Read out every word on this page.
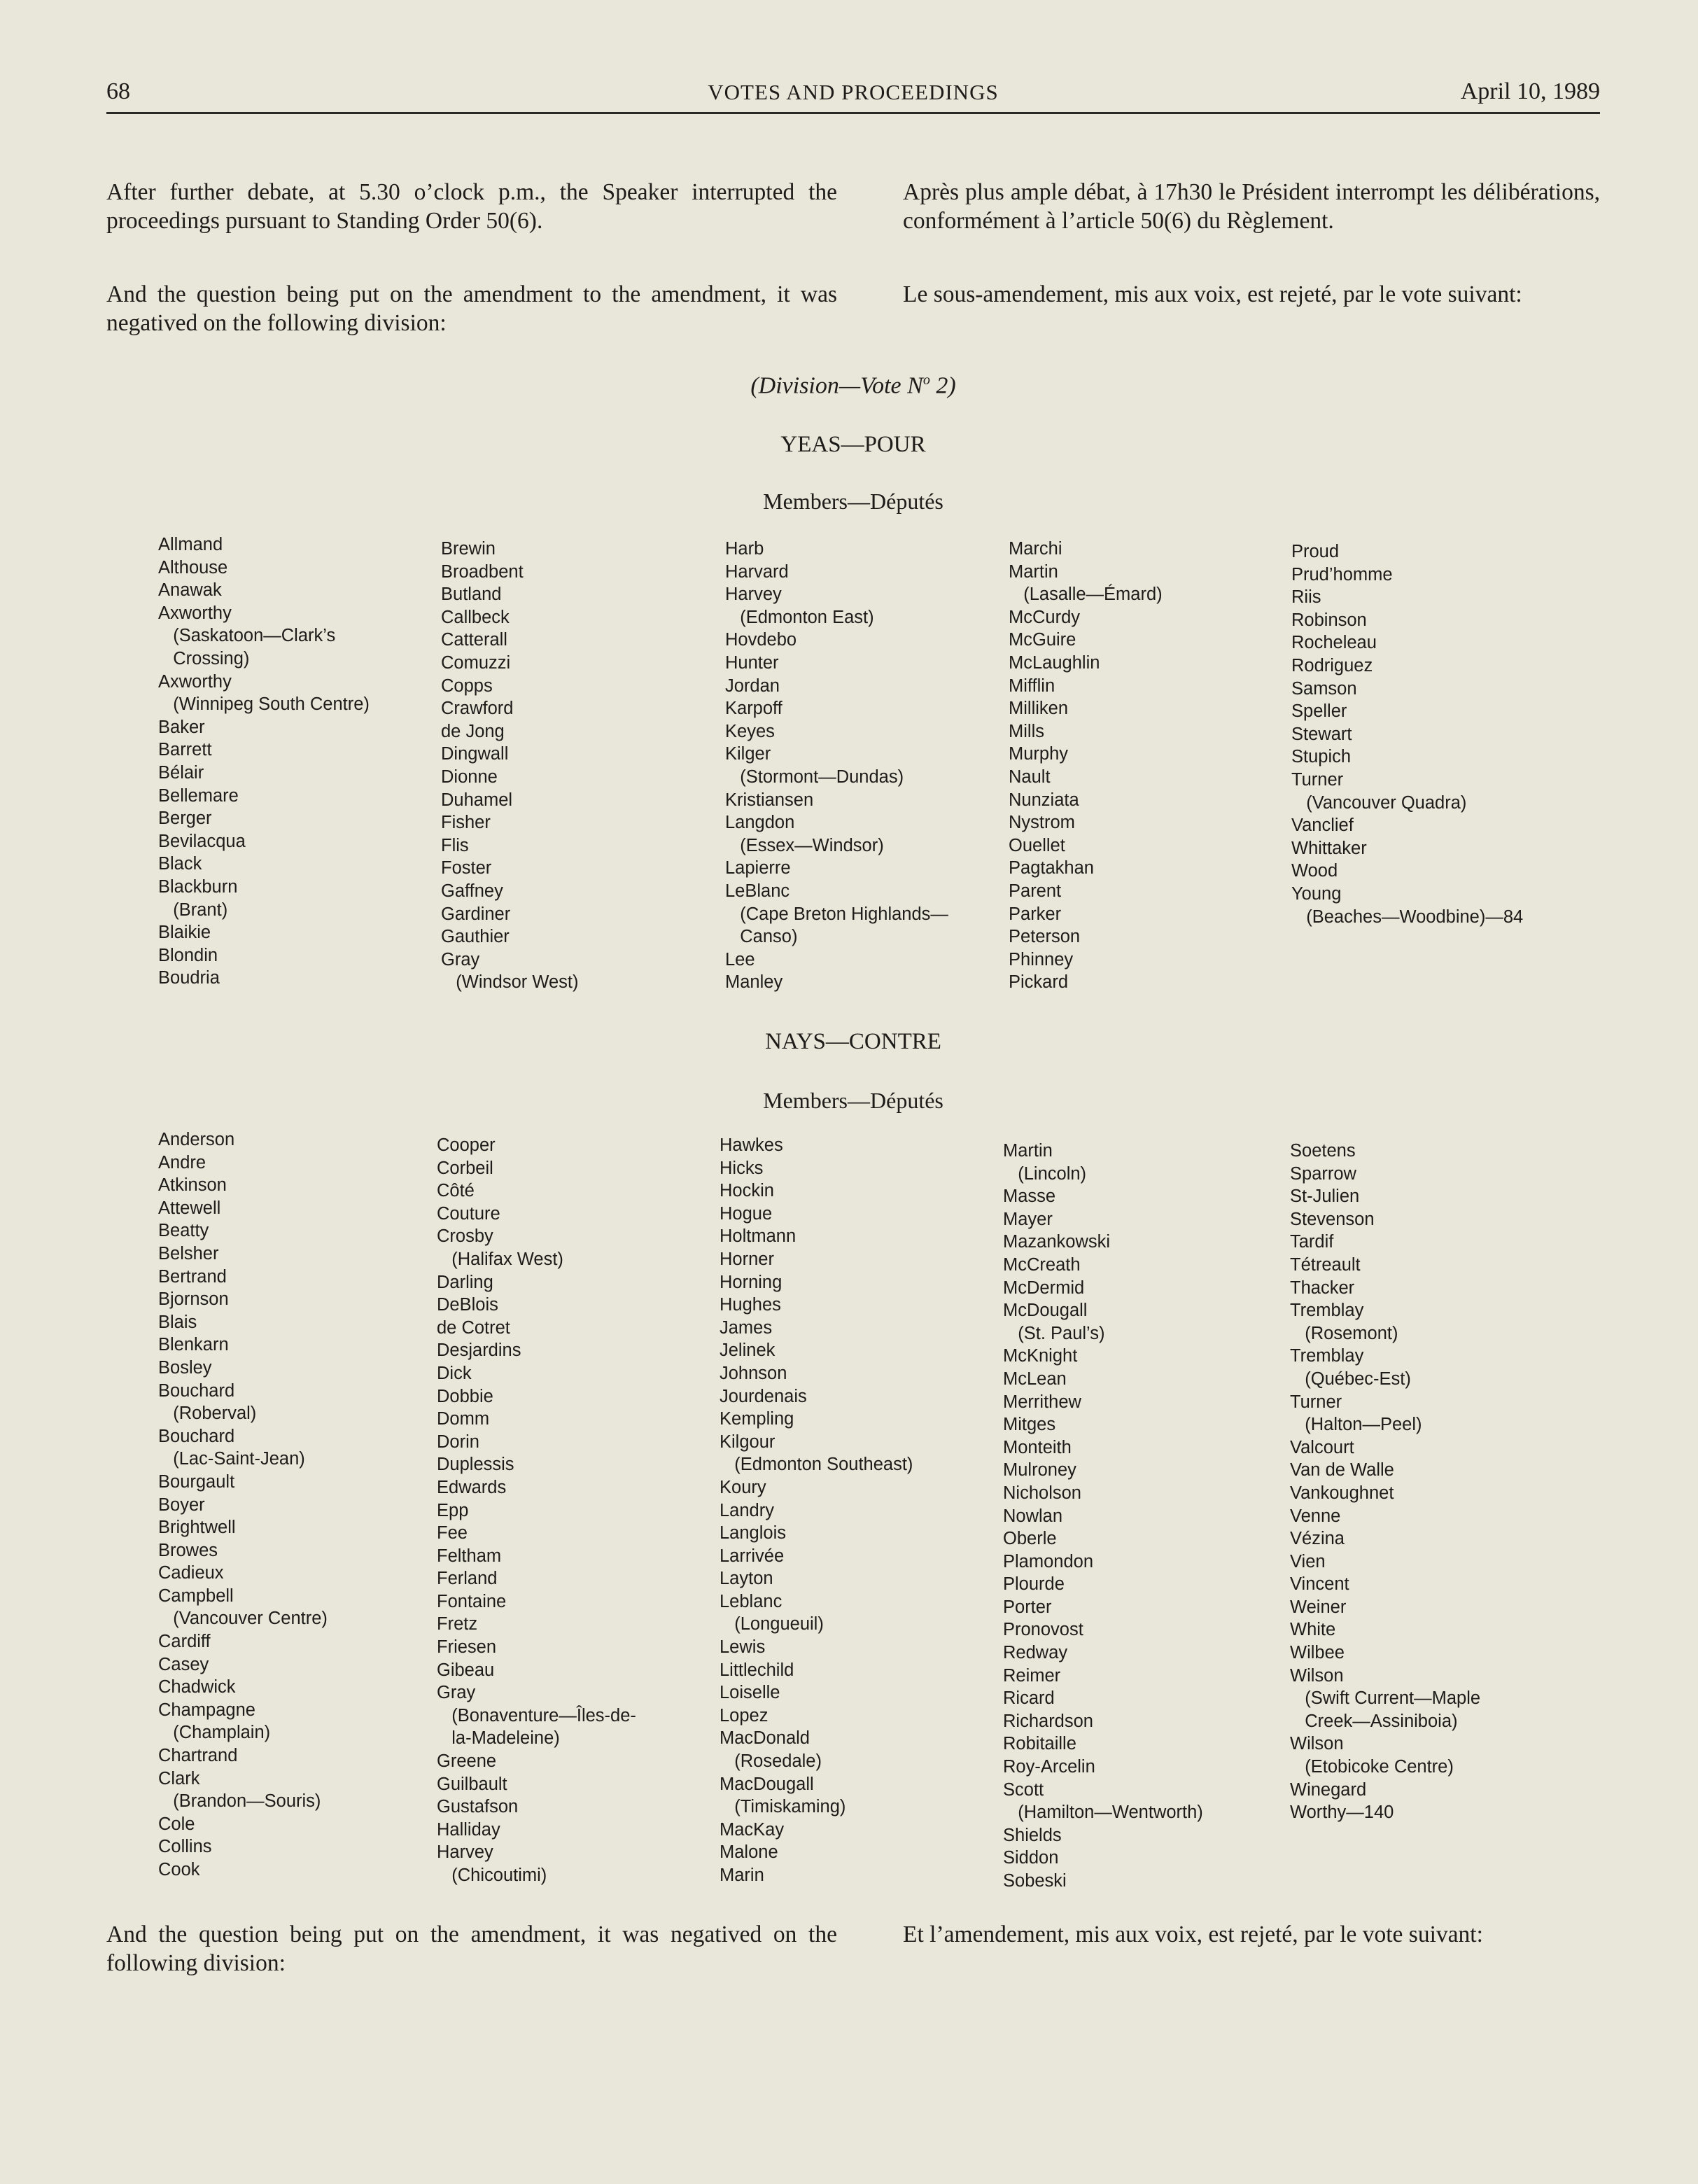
68	VOTES AND PROCEEDINGS	April 10, 1989
After further debate, at 5.30 o’clock p.m., the Speaker interrupted the proceedings pursuant to Standing Order 50(6).
Après plus ample débat, à 17h30 le Président interrompt les délibérations, conformément à l’article 50(6) du Règlement.
And the question being put on the amendment to the amendment, it was negatived on the following division:
Le sous-amendement, mis aux voix, est rejeté, par le vote suivant:
(Division—Vote $N^o$ 2)
YEAS—POUR
Members—Députés
Allmand
Althouse
Anawak
Axworthy
(Saskatoon—Clark’s
Crossing)
Axworthy
(Winnipeg South Centre)
Baker
Barrett
Bélair
Bellemare
Berger
Bevilacqua
Black
Blackburn
(Brant)
Blaikie
Blondin
Boudria
Brewin
Broadbent
Butland
Callbeck
Catterall
Comuzzi
Copps
Crawford
de Jong
Dingwall
Dionne
Duhamel
Fisher
Flis
Foster
Gaffney
Gardiner
Gauthier
Gray
(Windsor West)
Harb
Harvard
Harvey
(Edmonton East)
Hovdebo
Hunter
Jordan
Karpoff
Keyes
Kilger
(Stormont—Dundas)
Kristiansen
Langdon
(Essex—Windsor)
Lapierre
LeBlanc
(Cape Breton Highlands—
Canso)
Lee
Manley
Marchi
Martin
(Lasalle—Émard)
McCurdy
McGuire
McLaughlin
Mifflin
Milliken
Mills
Murphy
Nault
Nunziata
Nystrom
Ouellet
Pagtakhan
Parent
Parker
Peterson
Phinney
Pickard
Proud
Prud’homme
Riis
Robinson
Rocheleau
Rodriguez
Samson
Speller
Stewart
Stupich
Turner
(Vancouver Quadra)
Vanclief
Whittaker
Wood
Young
(Beaches—Woodbine)—84
NAYS—CONTRE
Members—Députés
Anderson
Andre
Atkinson
Attewell
Beatty
Belsher
Bertrand
Bjornson
Blais
Blenkarn
Bosley
Bouchard
(Roberval)
Bouchard
(Lac-Saint-Jean)
Bourgault
Boyer
Brightwell
Browes
Cadieux
Campbell
(Vancouver Centre)
Cardiff
Casey
Chadwick
Champagne
(Champlain)
Chartrand
Clark
(Brandon—Souris)
Cole
Collins
Cook
Cooper
Corbeil
Côté
Couture
Crosby
(Halifax West)
Darling
DeBlois
de Cotret
Desjardins
Dick
Dobbie
Domm
Dorin
Duplessis
Edwards
Epp
Fee
Feltham
Ferland
Fontaine
Fretz
Friesen
Gibeau
Gray
(Bonaventure—Îles-de-
la-Madeleine)
Greene
Guilbault
Gustafson
Halliday
Harvey
(Chicoutimi)
Hawkes
Hicks
Hockin
Hogue
Holtmann
Horner
Horning
Hughes
James
Jelinek
Johnson
Jourdenais
Kempling
Kilgour
(Edmonton Southeast)
Koury
Landry
Langlois
Larrivée
Layton
Leblanc
(Longueuil)
Lewis
Littlechild
Loiselle
Lopez
MacDonald
(Rosedale)
MacDougall
(Timiskaming)
MacKay
Malone
Marin
Martin
(Lincoln)
Masse
Mayer
Mazankowski
McCreath
McDermid
McDougall
(St. Paul’s)
McKnight
McLean
Merrithew
Mitges
Monteith
Mulroney
Nicholson
Nowlan
Oberle
Plamondon
Plourde
Porter
Pronovost
Redway
Reimer
Ricard
Richardson
Robitaille
Roy-Arcelin
Scott
(Hamilton—Wentworth)
Shields
Siddon
Sobeski
Soetens
Sparrow
St-Julien
Stevenson
Tardif
Tétreault
Thacker
Tremblay
(Rosemont)
Tremblay
(Québec-Est)
Turner
(Halton—Peel)
Valcourt
Van de Walle
Vankoughnet
Venne
Vézina
Vien
Vincent
Weiner
White
Wilbee
Wilson
(Swift Current—Maple
Creek—Assiniboia)
Wilson
(Etobicoke Centre)
Winegard
Worthy—140
And the question being put on the amendment, it was negatived on the following division:
Et l’amendement, mis aux voix, est rejeté, par le vote suivant:
